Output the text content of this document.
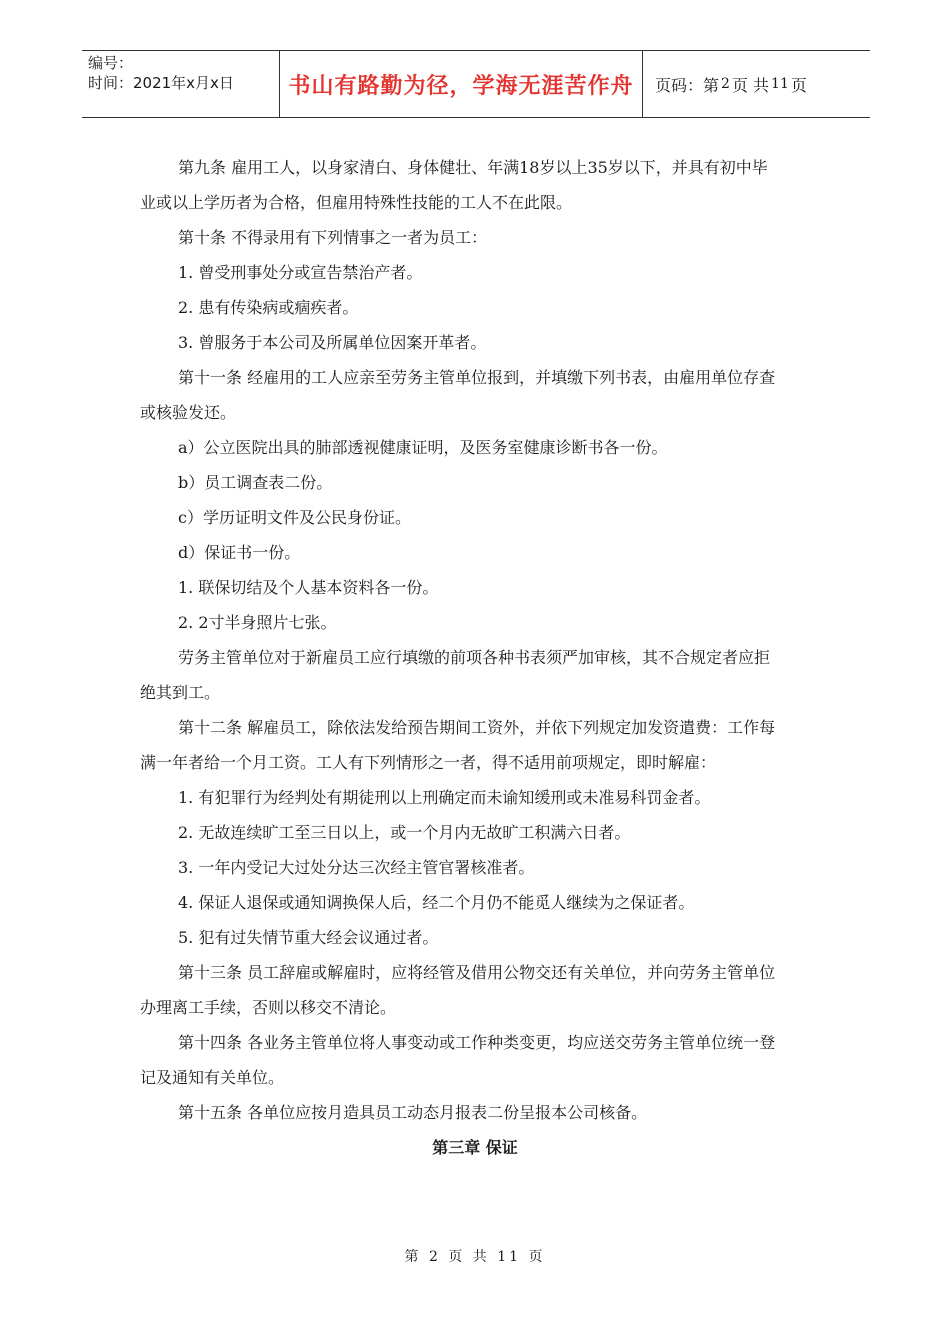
编号：
时间：2021年x月x日	书山有路勤为径，学海无涯苦作舟	页码：第 2 页 共 11 页

第九条 雇用工人，以身家清白、身体健壮、年满18岁以上35岁以下，并具有初中毕

业或以上学历者为合格，但雇用特殊性技能的工人不在此限。

第十条 不得录用有下列情事之一者为员工：

1. 曾受刑事处分或宣告禁治产者。

2. 患有传染病或痼疾者。

3. 曾服务于本公司及所属单位因案开革者。

第十一条 经雇用的工人应亲至劳务主管单位报到，并填缴下列书表，由雇用单位存查

或核验发还。

a）公立医院出具的肺部透视健康证明，及医务室健康诊断书各一份。

b）员工调查表二份。

c）学历证明文件及公民身份证。

d）保证书一份。

1. 联保切结及个人基本资料各一份。

2. 2寸半身照片七张。

劳务主管单位对于新雇员工应行填缴的前项各种书表须严加审核，其不合规定者应拒

绝其到工。

第十二条 解雇员工，除依法发给预告期间工资外，并依下列规定加发资遣费：工作每

满一年者给一个月工资。工人有下列情形之一者，得不适用前项规定，即时解雇：

1. 有犯罪行为经判处有期徒刑以上刑确定而未谕知缓刑或未准易科罚金者。

2. 无故连续旷工至三日以上，或一个月内无故旷工积满六日者。

3. 一年内受记大过处分达三次经主管官署核准者。

4. 保证人退保或通知调换保人后，经二个月仍不能觅人继续为之保证者。

5. 犯有过失情节重大经会议通过者。

第十三条 员工辞雇或解雇时，应将经管及借用公物交还有关单位，并向劳务主管单位

办理离工手续，否则以移交不清论。

第十四条 各业务主管单位将人事变动或工作种类变更，均应送交劳务主管单位统一登

记及通知有关单位。

第十五条 各单位应按月造具员工动态月报表二份呈报本公司核备。

第三章 保证

第 2 页 共 11 页
